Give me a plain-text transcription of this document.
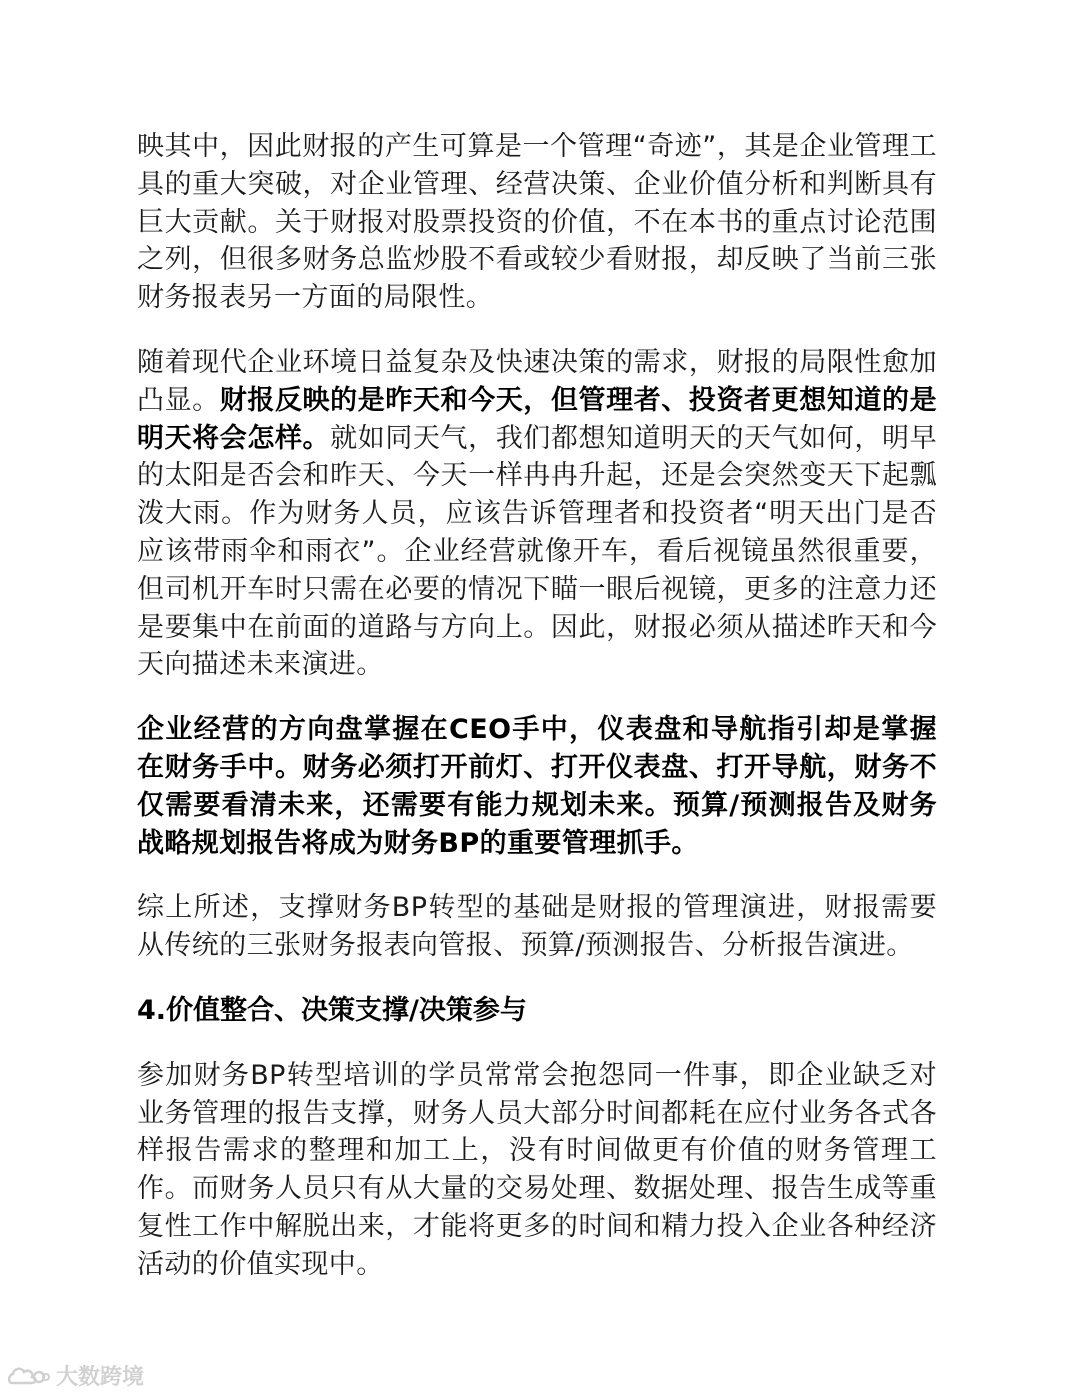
映其中，因此财报的产生可算是一个管理“奇迹”，其是企业管理工具的重大突破，对企业管理、经营决策、企业价值分析和判断具有巨大贡献。关于财报对股票投资的价值，不在本书的重点讨论范围之列，但很多财务总监炒股不看或较少看财报，却反映了当前三张财务报表另一方面的局限性。

随着现代企业环境日益复杂及快速决策的需求，财报的局限性愈加凸显。财报反映的是昨天和今天，但管理者、投资者更想知道的是明天将会怎样。就如同天气，我们都想知道明天的天气如何，明早的太阳是否会和昨天、今天一样冉冉升起，还是会突然变天下起瓢泼大雨。作为财务人员，应该告诉管理者和投资者“明天出门是否应该带雨伞和雨衣”。企业经营就像开车，看后视镜虽然很重要，但司机开车时只需在必要的情况下瞄一眼后视镜，更多的注意力还是要集中在前面的道路与方向上。因此，财报必须从描述昨天和今天向描述未来演进。

企业经营的方向盘掌握在CEO手中，仪表盘和导航指引却是掌握在财务手中。财务必须打开前灯、打开仪表盘、打开导航，财务不仅需要看清未来，还需要有能力规划未来。预算/预测报告及财务战略规划报告将成为财务BP的重要管理抓手。

综上所述，支撑财务BP转型的基础是财报的管理演进，财报需要从传统的三张财务报表向管报、预算/预测报告、分析报告演进。

4.价值整合、决策支撑/决策参与

参加财务BP转型培训的学员常常会抱怨同一件事，即企业缺乏对业务管理的报告支撑，财务人员大部分时间都耗在应付业务各式各样报告需求的整理和加工上，没有时间做更有价值的财务管理工作。而财务人员只有从大量的交易处理、数据处理、报告生成等重复性工作中解脱出来，才能将更多的时间和精力投入企业各种经济活动的价值实现中。

大数跨境
